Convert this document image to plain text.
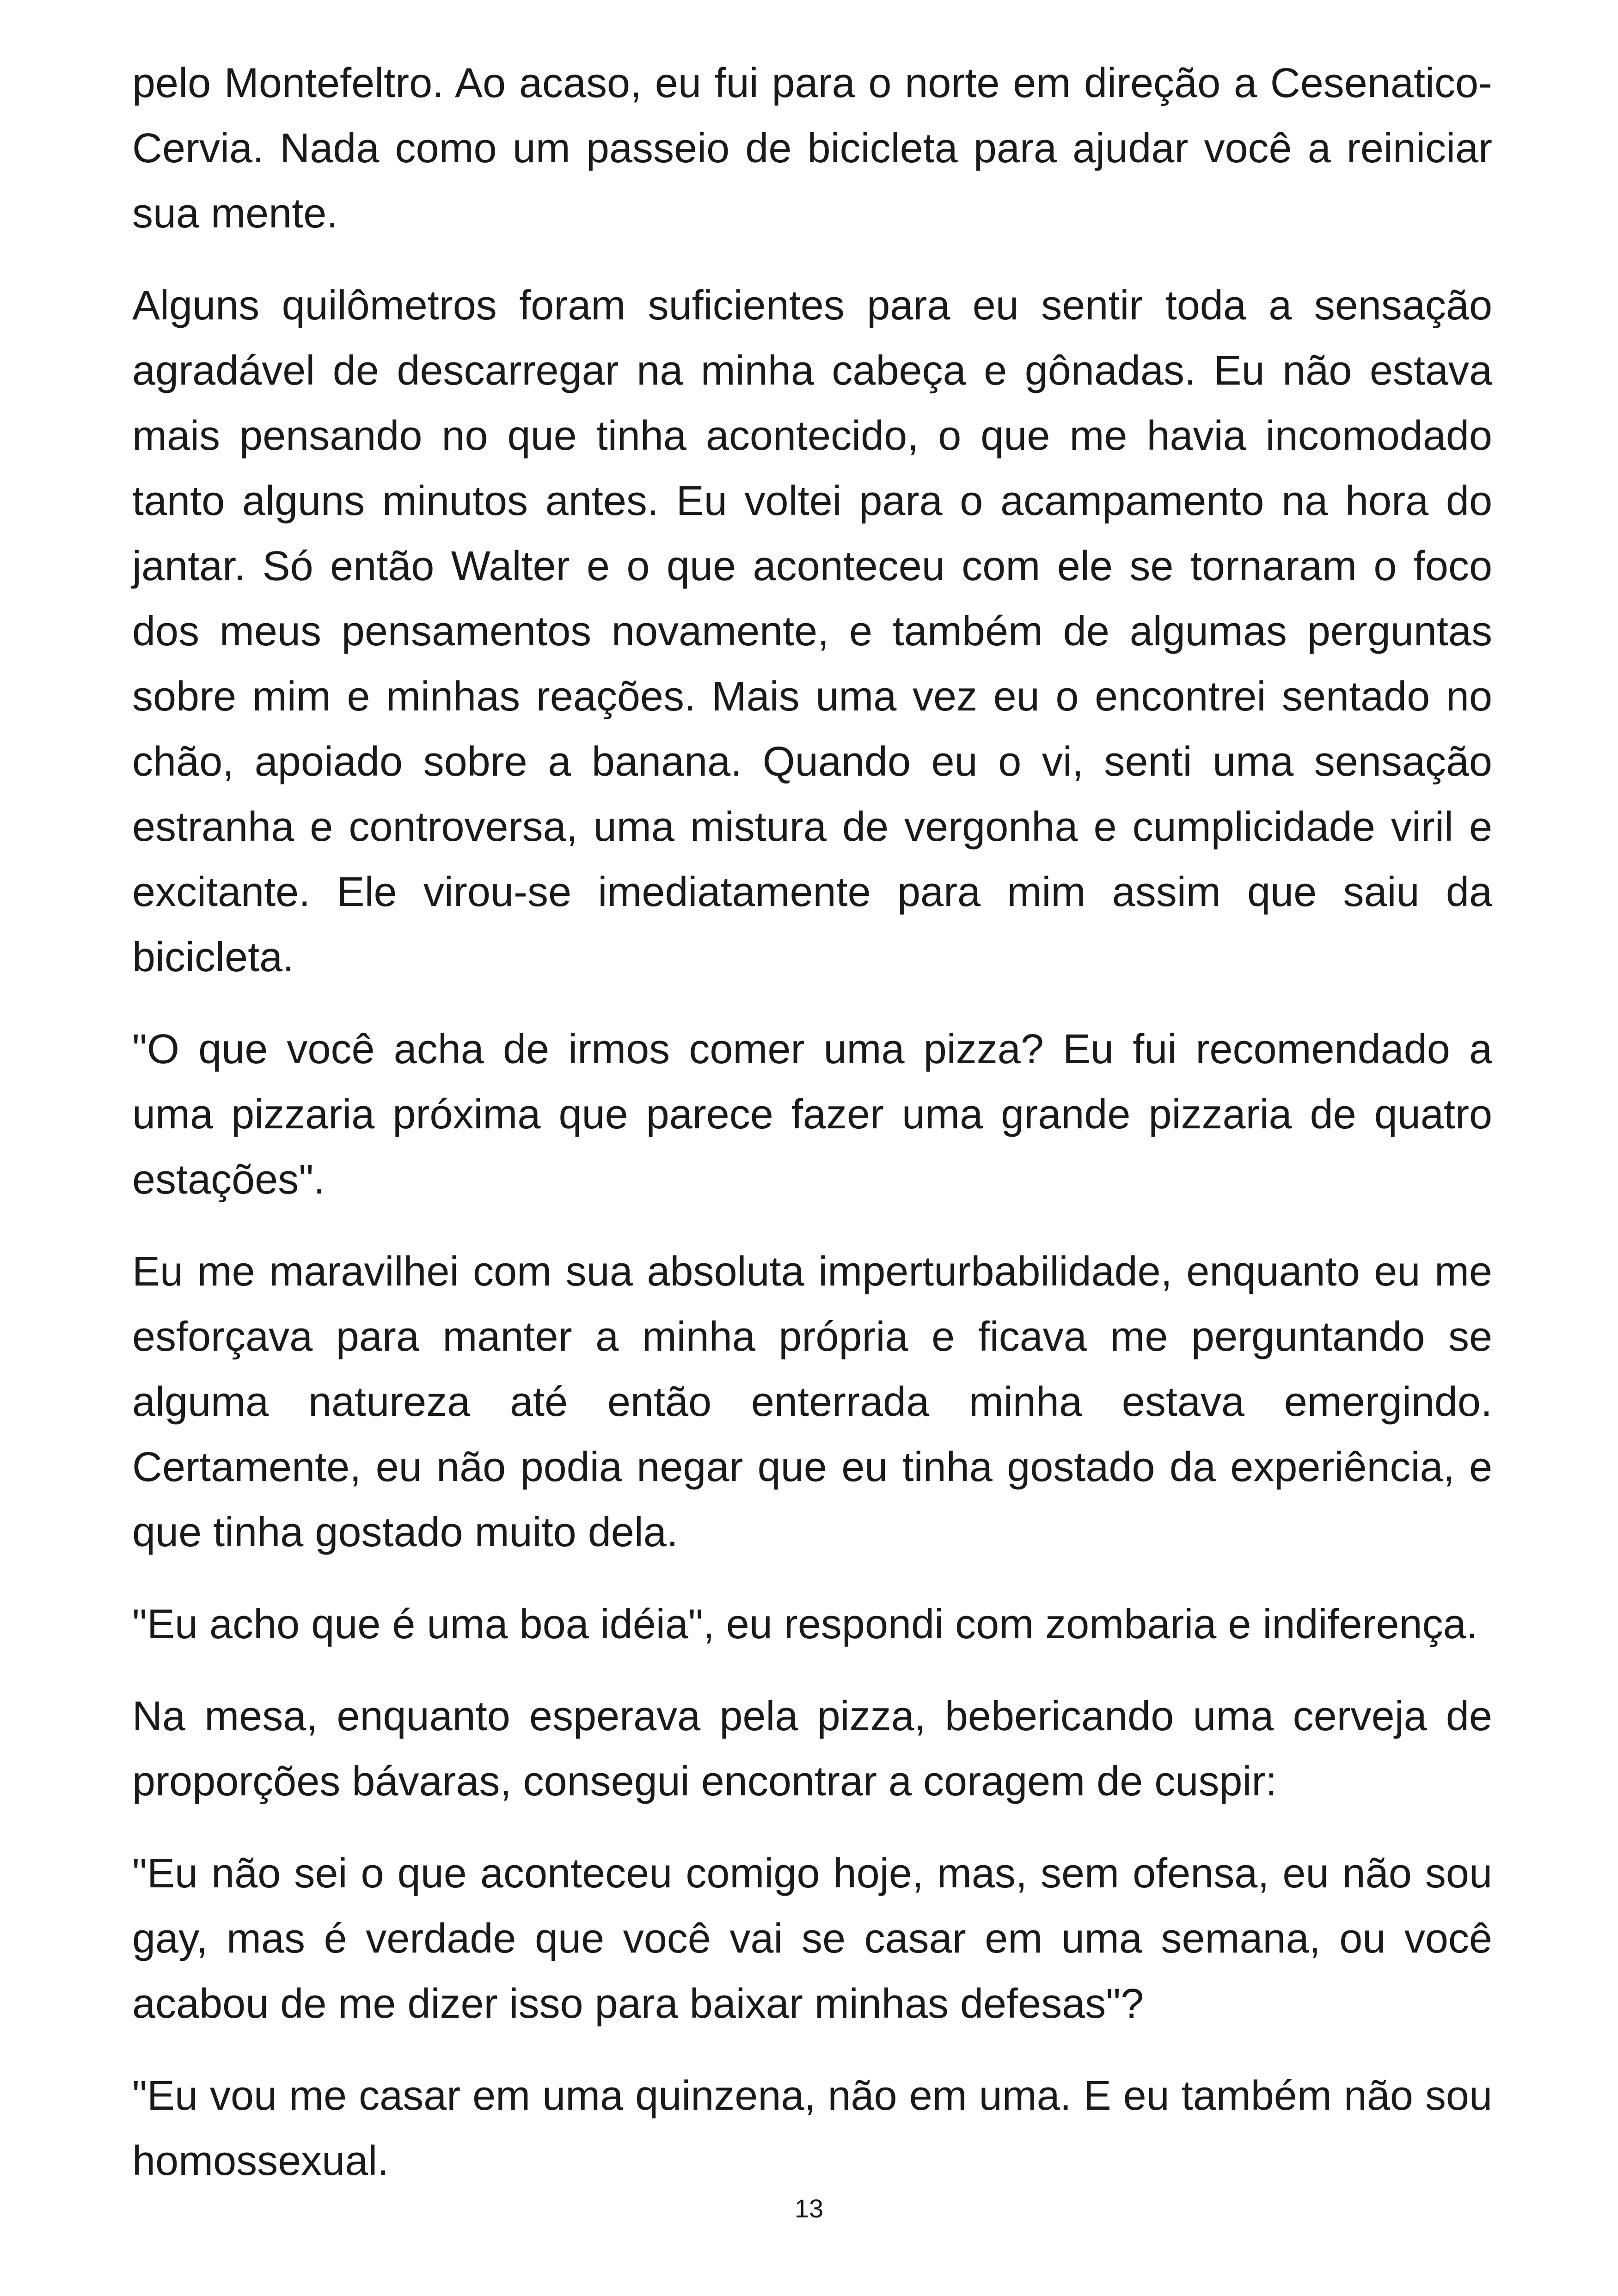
pelo Montefeltro. Ao acaso, eu fui para o norte em direção a Cesenatico-Cervia. Nada como um passeio de bicicleta para ajudar você a reiniciar sua mente.

Alguns quilômetros foram suficientes para eu sentir toda a sensação agradável de descarregar na minha cabeça e gônadas. Eu não estava mais pensando no que tinha acontecido, o que me havia incomodado tanto alguns minutos antes. Eu voltei para o acampamento na hora do jantar. Só então Walter e o que aconteceu com ele se tornaram o foco dos meus pensamentos novamente, e também de algumas perguntas sobre mim e minhas reações. Mais uma vez eu o encontrei sentado no chão, apoiado sobre a banana. Quando eu o vi, senti uma sensação estranha e controversa, uma mistura de vergonha e cumplicidade viril e excitante. Ele virou-se imediatamente para mim assim que saiu da bicicleta.

"O que você acha de irmos comer uma pizza? Eu fui recomendado a uma pizzaria próxima que parece fazer uma grande pizzaria de quatro estações".

Eu me maravilhei com sua absoluta imperturbabilidade, enquanto eu me esforçava para manter a minha própria e ficava me perguntando se alguma natureza até então enterrada minha estava emergindo. Certamente, eu não podia negar que eu tinha gostado da experiência, e que tinha gostado muito dela.

"Eu acho que é uma boa idéia", eu respondi com zombaria e indiferença.

Na mesa, enquanto esperava pela pizza, bebericando uma cerveja de proporções bávaras, consegui encontrar a coragem de cuspir:

"Eu não sei o que aconteceu comigo hoje, mas, sem ofensa, eu não sou gay, mas é verdade que você vai se casar em uma semana, ou você acabou de me dizer isso para baixar minhas defesas"?

"Eu vou me casar em uma quinzena, não em uma. E eu também não sou homossexual.

13
